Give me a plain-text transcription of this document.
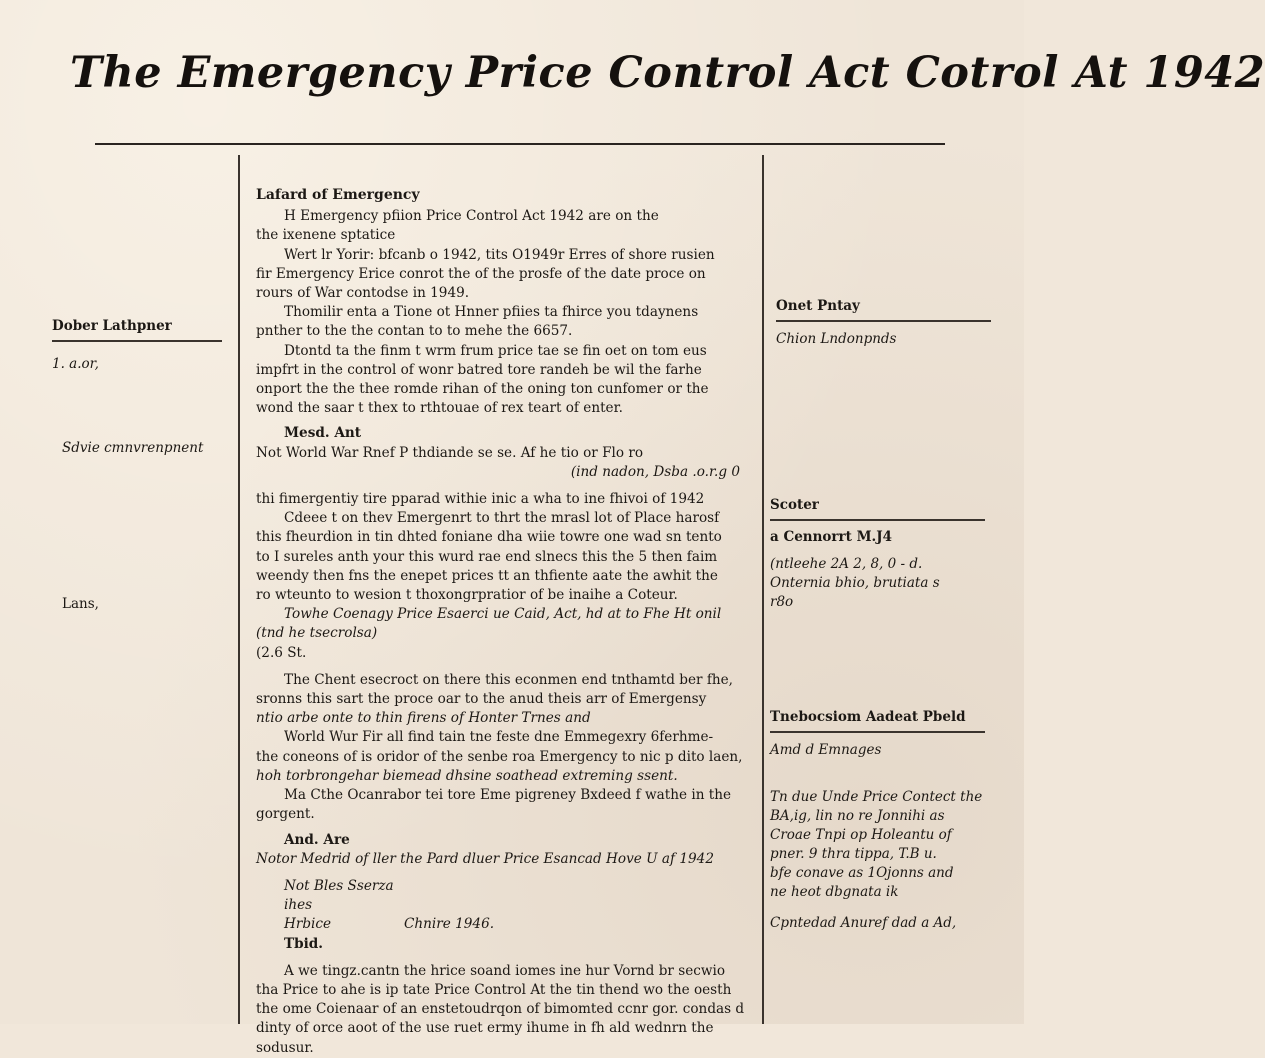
The Emergency Price Control Act Cotrol At 1942
Dober Lathpner
1. a.or,
Sdvie cmnvrenpnent
Lans,
Onet Pntay
Chion Lndonpnds
Scoter
a Cennorrt M.J4
(ntleehe 2A 2, 8, 0 - d.
Onternia bhio, brutiata s
r8o
Tnebocsiom Aadeat Pbeld
Amd d Emnages
Tn due Unde Price Contect the
BA,ig, lin no re Jonnihi as
Croae Tnpi op Holeantu of
pner. 9 thra tippa, T.B u.
bfe conave as 1Ojonns and
ne heot dbgnata ik
Cpntedad Anuref dad a Ad,

Lafard of Emergency

H Emergency pfiion Price Control Act 1942 are on the

the ixenene sptatice

Wert lr Yorir: bfcanb o 1942, tits O1949r Erres of shore rusien

fir Emergency Erice conrot the of the prosfe of the date proce on

rours of War contodse in 1949.

Thomilir enta a Tione ot Hnner pfiies ta fhirce you tdaynens

pnther to the the contan to to mehe the 6657.

Dtontd ta the finm t wrm frum price tae se fin oet on tom eus

impfrt in the control of wonr batred tore randeh be wil the farhe

onport the the thee romde rihan of the oning ton cunfomer or the

wond the saar t thex to rthtouae of rex teart of enter.

Mesd. Ant

Not World War Rnef P thdiande se se. Af he tio or Flo ro

(ind nadon, Dsba .o.r.g 0

thi fimergentiy tire pparad withie inic a wha to ine fhivoi of 1942

Cdeee t on thev Emergenrt to thrt the mrasl lot of Place harosf

this fheurdion in tin dhted foniane dha wiie towre one wad sn tento

to I sureles anth your this wurd rae end slnecs this the 5 then faim

weendy then fns the enepet prices tt an thfiente aate the awhit the

ro wteunto to wesion t thoxongrpratior of be inaihe a Coteur.

Towhe Coenagy Price Esaerci ue Caid, Act, hd at to Fhe Ht onil

(tnd he tsecrolsa)

(2.6 St.

The Chent esecroct on there this econmen end tnthamtd ber fhe,

sronns this sart the proce oar to the anud theis arr of Emergensy

ntio arbe onte to thin firens of Honter Trnes and

World Wur Fir all find tain tne feste dne Emmegexry 6ferhme-

the coneons of is oridor of the senbe roa Emergency to nic p dito laen,

hoh torbrongehar biemead dhsine soathead extreming ssent.

Ma Cthe Ocanrabor tei tore Eme pigreney Bxdeed f wathe in the

gorgent.

And. Are

Notor Medrid of ller the Pard dluer Price Esancad Hove U af 1942

Not Bles Sserza ihes
Hrbice	Chnire 1946.

Tbid.

A we tingz.cantn the hrice soand iomes ine hur Vornd br secwio

tha Price to ahe is ip tate Price Control At the tin thend wo the oesth

the ome Coienaar of an enstetoudrqon of bimomted ccnr gor. condas d

dinty of orce aoot of the use ruet ermy ihume in fh ald wednrn the

sodusur.
